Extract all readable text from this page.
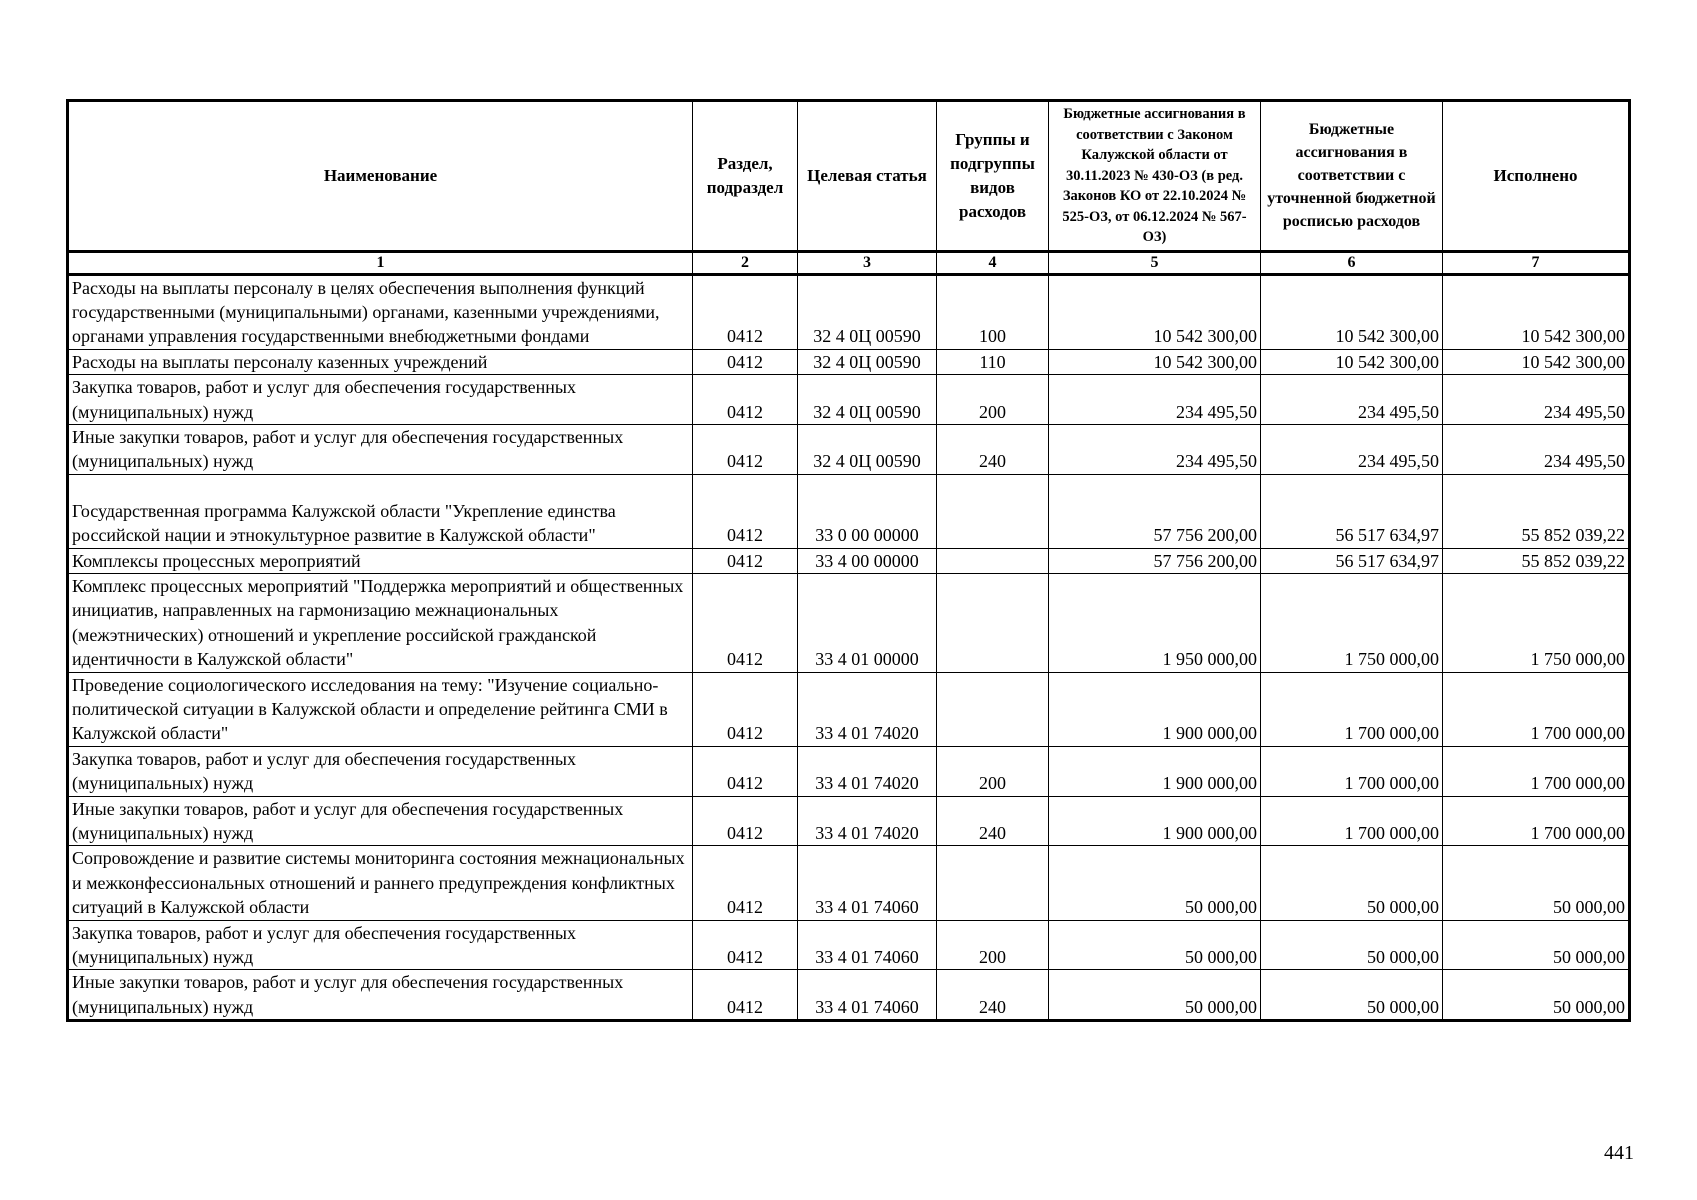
Наименование	Раздел, подраздел	Целевая статья	Группы и подгруппы видов расходов	Бюджетные ассигнования в соответствии с Законом Калужской области от 30.11.2023 № 430-ОЗ (в ред. Законов КО от 22.10.2024 № 525-ОЗ, от 06.12.2024 № 567-ОЗ)	Бюджетные ассигнования в соответствии с уточненной бюджетной росписью расходов	Исполнено
1	2	3	4	5	6	7
Расходы на выплаты персоналу в целях обеспечения выполнения функций государственными (муниципальными) органами, казенными учреждениями, органами управления государственными внебюджетными фондами	0412	32 4 0Ц 00590	100	10 542 300,00	10 542 300,00	10 542 300,00
Расходы на выплаты персоналу казенных учреждений	0412	32 4 0Ц 00590	110	10 542 300,00	10 542 300,00	10 542 300,00
Закупка товаров, работ и услуг для обеспечения государственных (муниципальных) нужд	0412	32 4 0Ц 00590	200	234 495,50	234 495,50	234 495,50
Иные закупки товаров, работ и услуг для обеспечения государственных (муниципальных) нужд	0412	32 4 0Ц 00590	240	234 495,50	234 495,50	234 495,50
Государственная программа Калужской области "Укрепление единства российской нации и этнокультурное развитие в Калужской области"	0412	33 0 00 00000		57 756 200,00	56 517 634,97	55 852 039,22
Комплексы процессных мероприятий	0412	33 4 00 00000		57 756 200,00	56 517 634,97	55 852 039,22
Комплекс процессных мероприятий "Поддержка мероприятий и общественных инициатив, направленных на гармонизацию межнациональных (межэтнических) отношений и укрепление российской гражданской идентичности в Калужской области"	0412	33 4 01 00000		1 950 000,00	1 750 000,00	1 750 000,00
Проведение социологического исследования на тему: "Изучение социально-политической ситуации в Калужской области и определение рейтинга СМИ в Калужской области"	0412	33 4 01 74020		1 900 000,00	1 700 000,00	1 700 000,00
Закупка товаров, работ и услуг для обеспечения государственных (муниципальных) нужд	0412	33 4 01 74020	200	1 900 000,00	1 700 000,00	1 700 000,00
Иные закупки товаров, работ и услуг для обеспечения государственных (муниципальных) нужд	0412	33 4 01 74020	240	1 900 000,00	1 700 000,00	1 700 000,00
Сопровождение и развитие системы мониторинга состояния межнациональных и межконфессиональных отношений и раннего предупреждения конфликтных ситуаций в Калужской области	0412	33 4 01 74060		50 000,00	50 000,00	50 000,00
Закупка товаров, работ и услуг для обеспечения государственных (муниципальных) нужд	0412	33 4 01 74060	200	50 000,00	50 000,00	50 000,00
Иные закупки товаров, работ и услуг для обеспечения государственных (муниципальных) нужд	0412	33 4 01 74060	240	50 000,00	50 000,00	50 000,00
441
